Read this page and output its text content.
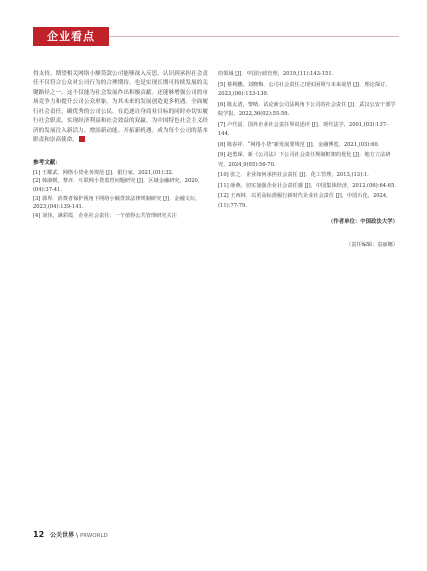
企业看点

得支持。期望相关网络小额贷款公司能够深入反思。认识到承担社会责任不仅符合公众对公司行为的合理期待。也是实现长期可持续发展的关键路径之一。这不仅能为社会发展作出积极贡献。还能够增强公司的市场竞争力和提升公司公众形象。为其未来的发展创造更多机遇。全面履行社会责任。确优秀的公司公民。在追逐自身商业目标的同时亦切实履行社会职责。实现经济利益和社会效益的双赢。为中国特色社会主义经济的发展注入新活力。增添新动能。开拓新机遇。成为每个公司的基本职责和崇高使命。

参考文献：

[1] 王耀武．网络小贷业务规范 [J]．银行家，2021,(01):32.

[2] 韩淑媛，黎齐．互联网小贷监管问题研究 [J]．区域金融研究，2020,(04):37-41.

[3] 郭界．消费者保护视角下网络小额贷款法律规制研究 [J]．金融文坛，2023,(04):139-141.

[4] 刘伟，满彩霞．企业社会责任：一个值得公共管理研究关注

的领域 [J]．中国行政管理，2019,(11):143-151.

[5] 蔡利鹏，刘晓梅．公司社会责任之现实困境与未来展望 [J]．理论探讨，2023,(06):133-139.

[6] 陈太清，黎晴．试论新公司法视角下公司的社会责任 [J]．武汉公安干部学院学报，2022,36(02):55-59.

[7] 卢代富．国外企业社会责任界说述评 [J]．现代法学，2001,(03):137-144.

[8] 陈春祥．“网络小贷”新发展要规范 [J]．金融博览，2021,(03):60.

[9] 赵勇琛．新《公司法》下公司社会责任规制框架的优化 [J]．地方立法研究，2024,9(05):56-70.

[10] 张之．企业如何承担社会责任 [J]．化工管理，2013,(13):1.

[11] 薛燕．切实加强企业社会责任感 [J]．中国集体经济，2012,(06):64-65.

[12] 王西林．以更高标准履行新时代企业社会责任 [J]．中国石化，2024,(11):77-79.

（作者单位：中国政法大学）
（责任编辑：袁丽娜）
12 公关世界 \ PRWORLD
